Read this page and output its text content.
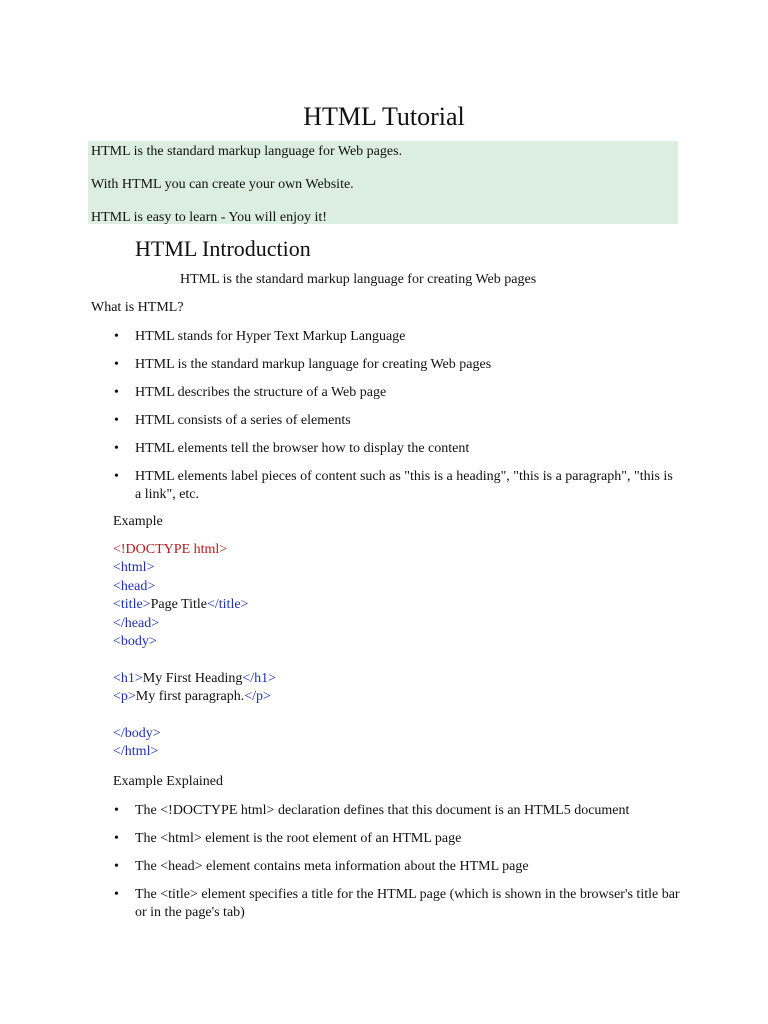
HTML Tutorial

HTML is the standard markup language for Web pages.

With HTML you can create your own Website.

HTML is easy to learn - You will enjoy it!

HTML Introduction

HTML is the standard markup language for creating Web pages

What is HTML?

• HTML stands for Hyper Text Markup Language
• HTML is the standard markup language for creating Web pages
• HTML describes the structure of a Web page
• HTML consists of a series of elements
• HTML elements tell the browser how to display the content
• HTML elements label pieces of content such as "this is a heading", "this is a paragraph", "this is a link", etc.

Example

<!DOCTYPE html>
<html>
<head>
<title>Page Title</title>
</head>
<body>
<h1>My First Heading</h1>
<p>My first paragraph.</p>
</body>
</html>

Example Explained

• The <!DOCTYPE html> declaration defines that this document is an HTML5 document
• The <html> element is the root element of an HTML page
• The <head> element contains meta information about the HTML page
• The <title> element specifies a title for the HTML page (which is shown in the browser's title bar or in the page's tab)
